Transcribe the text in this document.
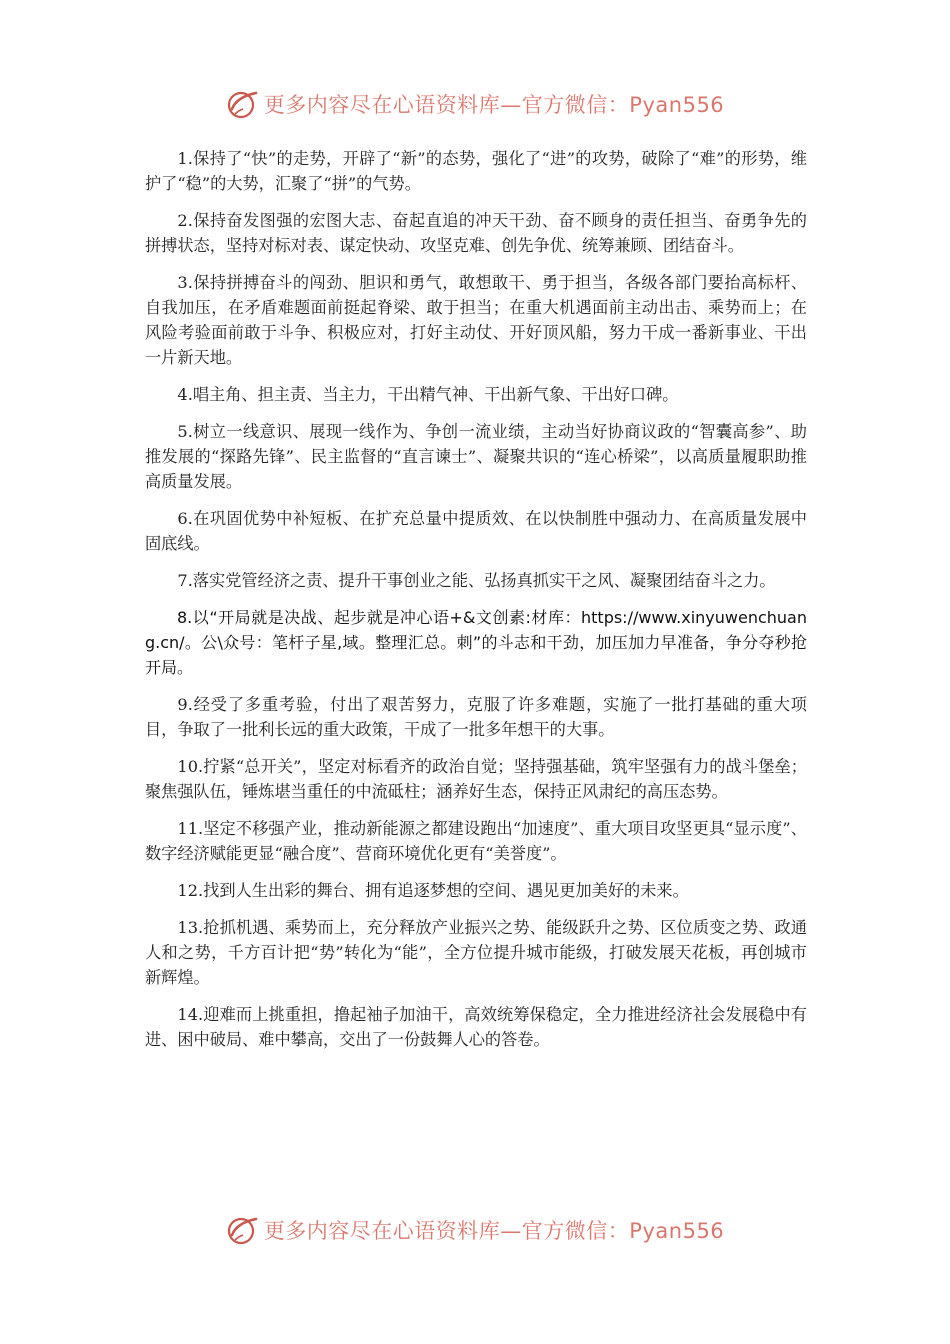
更多内容尽在心语资料库—官方微信：Pyan556

1.保持了“快”的走势，开辟了“新”的态势，强化了“进”的攻势，破除了“难”的形势，维护了“稳”的大势，汇聚了“拼”的气势。

2.保持奋发图强的宏图大志、奋起直追的冲天干劲、奋不顾身的责任担当、奋勇争先的拼搏状态，坚持对标对表、谋定快动、攻坚克难、创先争优、统筹兼顾、团结奋斗。

3.保持拼搏奋斗的闯劲、胆识和勇气，敢想敢干、勇于担当，各级各部门要抬高标杆、自我加压，在矛盾难题面前挺起脊梁、敢于担当；在重大机遇面前主动出击、乘势而上；在风险考验面前敢于斗争、积极应对，打好主动仗、开好顶风船，努力干成一番新事业、干出一片新天地。

4.唱主角、担主责、当主力，干出精气神、干出新气象、干出好口碑。

5.树立一线意识、展现一线作为、争创一流业绩，主动当好协商议政的“智囊高参”、助推发展的“探路先锋”、民主监督的“直言谏士”、凝聚共识的“连心桥梁”，以高质量履职助推高质量发展。

6.在巩固优势中补短板、在扩充总量中提质效、在以快制胜中强动力、在高质量发展中固底线。

7.落实党管经济之责、提升干事创业之能、弘扬真抓实干之风、凝聚团结奋斗之力。

8.以“开局就是决战、起步就是冲心语+&文创素:材库：https://www.xinyuwenchuang.cn/。公\众号：笔杆子星,域。整理汇总。刺”的斗志和干劲，加压加力早准备，争分夺秒抢开局。

9.经受了多重考验，付出了艰苦努力，克服了许多难题，实施了一批打基础的重大项目，争取了一批利长远的重大政策，干成了一批多年想干的大事。

10.拧紧“总开关”，坚定对标看齐的政治自觉；坚持强基础，筑牢坚强有力的战斗堡垒；聚焦强队伍，锤炼堪当重任的中流砥柱；涵养好生态，保持正风肃纪的高压态势。

11.坚定不移强产业，推动新能源之都建设跑出“加速度”、重大项目攻坚更具“显示度”、数字经济赋能更显“融合度”、营商环境优化更有“美誉度”。

12.找到人生出彩的舞台、拥有追逐梦想的空间、遇见更加美好的未来。

13.抢抓机遇、乘势而上，充分释放产业振兴之势、能级跃升之势、区位质变之势、政通人和之势，千方百计把“势”转化为“能”，全方位提升城市能级，打破发展天花板，再创城市新辉煌。

14.迎难而上挑重担，撸起袖子加油干，高效统筹保稳定，全力推进经济社会发展稳中有进、困中破局、难中攀高，交出了一份鼓舞人心的答卷。

更多内容尽在心语资料库—官方微信：Pyan556
